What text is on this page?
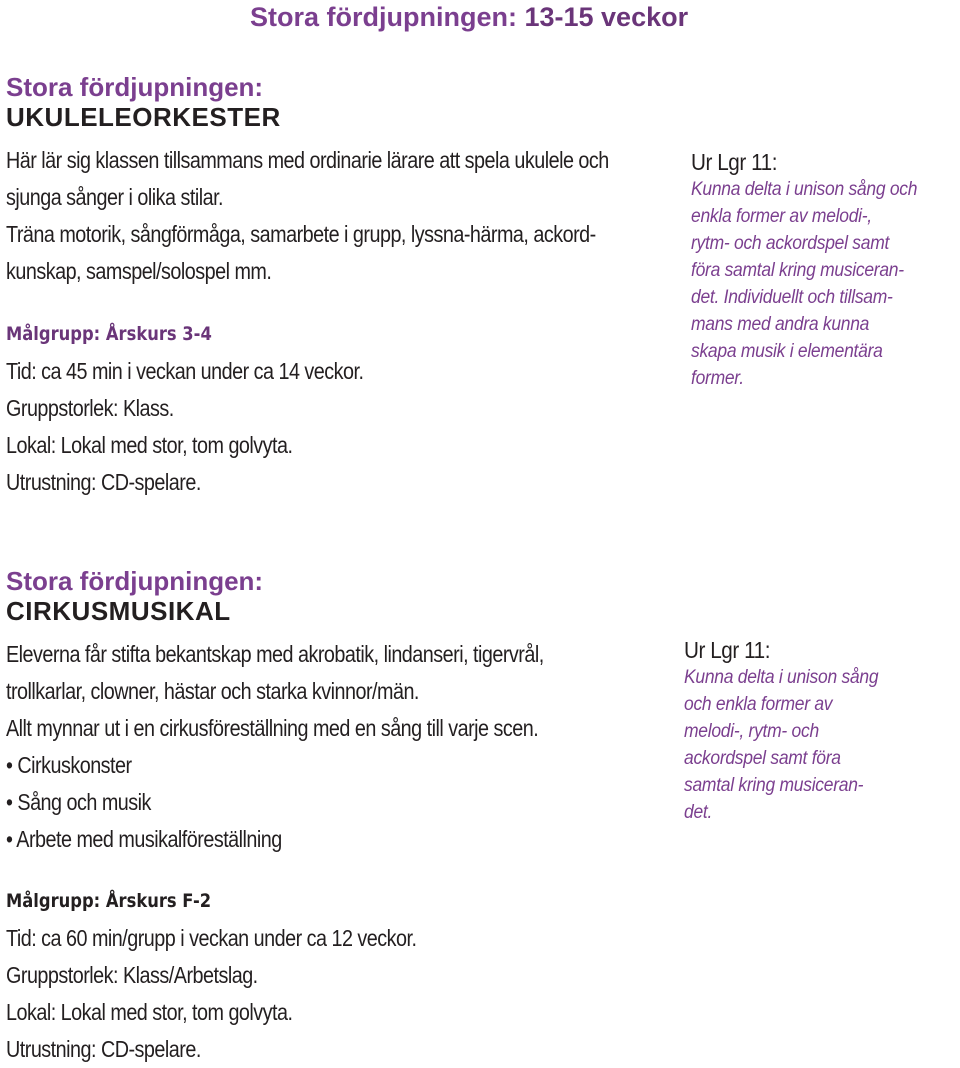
Stora fördjupningen: 13-15 veckor
Stora fördjupningen:
UKULELEORKESTER

Här lär sig klassen tillsammans med ordinarie lärare att spela ukulele och

sjunga sånger i olika stilar.

Träna motorik, sångförmåga, samarbete i grupp, lyssna-härma, ackord-

kunskap, samspel/solospel mm.

Målgrupp: Årskurs 3-4

Tid: ca 45 min i veckan under ca 14 veckor.

Gruppstorlek: Klass.

Lokal: Lokal med stor, tom golvyta.

Utrustning: CD-spelare.

Ur Lgr 11:

Kunna delta i unison sång och

enkla former av melodi-,

rytm- och ackordspel samt

föra samtal kring musiceran-

det. Individuellt och tillsam-

mans med andra kunna

skapa musik i elementära

former.

Stora fördjupningen:
CIRKUSMUSIKAL

Eleverna får stifta bekantskap med akrobatik, lindanseri, tigervrål,

trollkarlar, clowner, hästar och starka kvinnor/män.

Allt mynnar ut i en cirkusföreställning med en sång till varje scen.

• Cirkuskonster

• Sång och musik

• Arbete med musikalföreställning

Målgrupp: Årskurs F-2

Tid: ca 60 min/grupp i veckan under ca 12 veckor.

Gruppstorlek: Klass/Arbetslag.

Lokal: Lokal med stor, tom golvyta.

Utrustning: CD-spelare.

Ur Lgr 11:

Kunna delta i unison sång

och enkla former av

melodi-, rytm- och

ackordspel samt föra

samtal kring musiceran-

det.
